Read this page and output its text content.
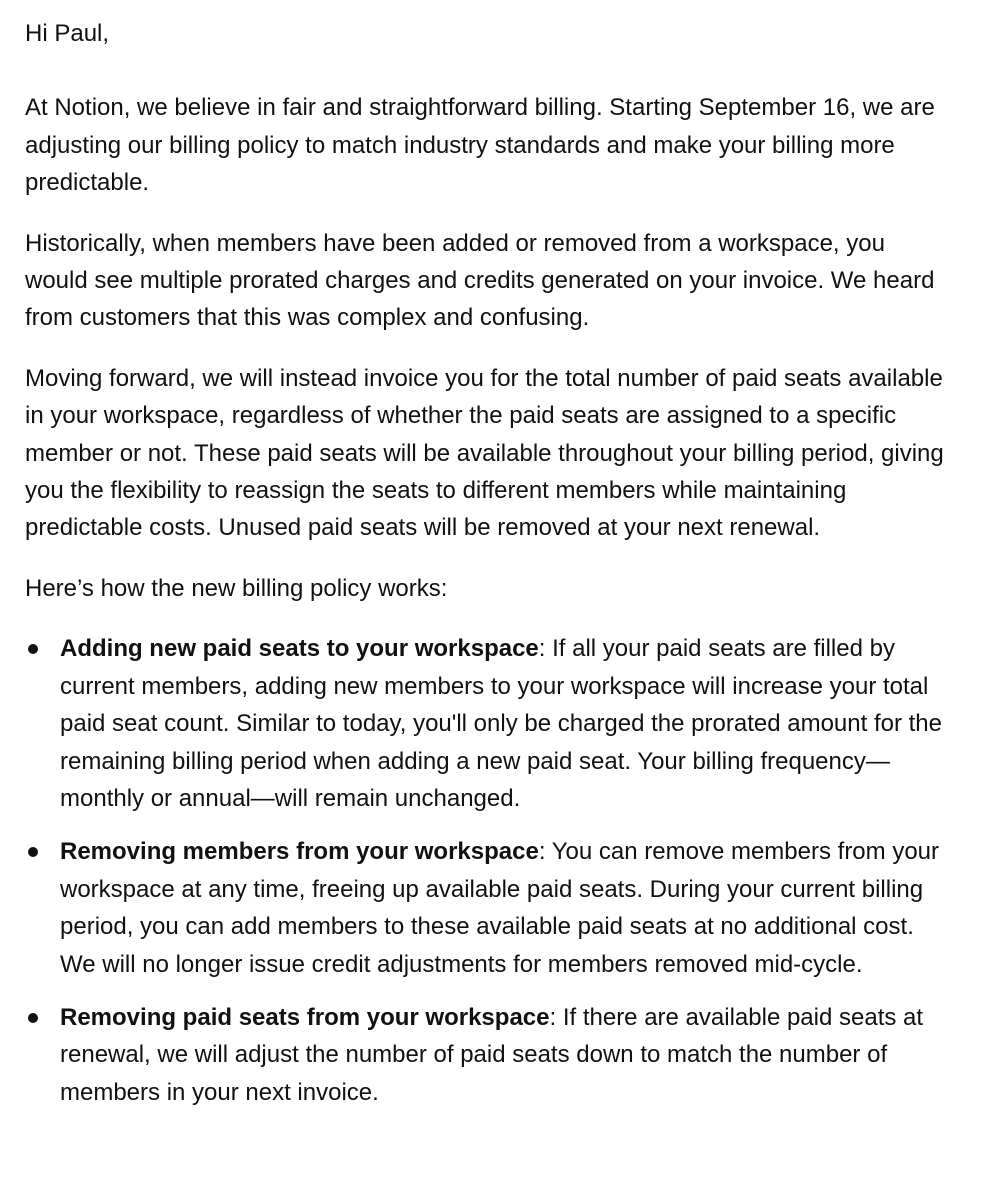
Hi Paul,

At Notion, we believe in fair and straightforward billing. Starting September 16, we are adjusting our billing policy to match industry standards and make your billing more predictable.

Historically, when members have been added or removed from a workspace, you would see multiple prorated charges and credits generated on your invoice. We heard from customers that this was complex and confusing.

Moving forward, we will instead invoice you for the total number of paid seats available in your workspace, regardless of whether the paid seats are assigned to a specific member or not. These paid seats will be available throughout your billing period, giving you the flexibility to reassign the seats to different members while maintaining predictable costs. Unused paid seats will be removed at your next renewal.

Here’s how the new billing policy works:

Adding new paid seats to your workspace: If all your paid seats are filled by current members, adding new members to your workspace will increase your total paid seat count. Similar to today, you'll only be charged the prorated amount for the remaining billing period when adding a new paid seat. Your billing frequency—monthly or annual—will remain unchanged.
Removing members from your workspace: You can remove members from your workspace at any time, freeing up available paid seats. During your current billing period, you can add members to these available paid seats at no additional cost. We will no longer issue credit adjustments for members removed mid-cycle.
Removing paid seats from your workspace: If there are available paid seats at renewal, we will adjust the number of paid seats down to match the number of members in your next invoice.
